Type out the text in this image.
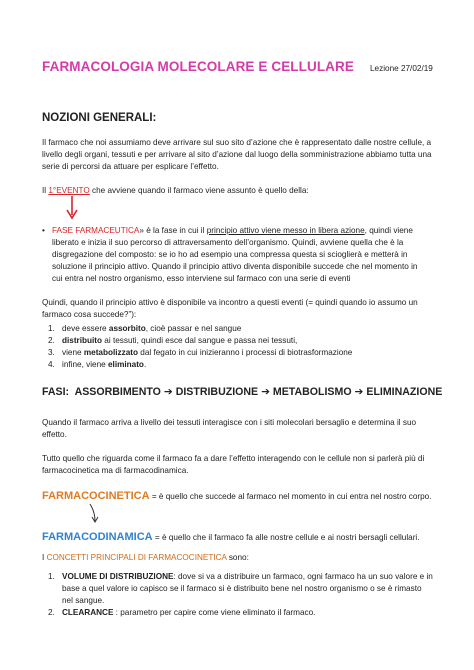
FARMACOLOGIA MOLECOLARE E CELLULARE Lezione 27/02/19
NOZIONI GENERALI:
Il farmaco che noi assumiamo deve arrivare sul suo sito d’azione che è rappresentato dalle nostre cellule, a
livello degli organi, tessuti e per arrivare al sito d’azione dal luogo della somministrazione abbiamo tutta una
serie di percorsi da attuare per esplicare l’effetto.
Il 1°EVENTO che avviene quando il farmaco viene assunto è quello della:
• FASE FARMACEUTICA» è la fase in cui il principio attivo viene messo in libera azione, quindi viene
liberato e inizia il suo percorso di attraversamento dell’organismo. Quindi, avviene quella che è la
disgregazione del composto: se io ho ad esempio una compressa questa si scioglierà e metterà in
soluzione il principio attivo. Quando il principio attivo diventa disponibile succede che nel momento in
cui entra nel nostro organismo, esso interviene sul farmaco con una serie di eventi
Quindi, quando il principio attivo è disponibile va incontro a questi eventi (= quindi quando io assumo un
farmaco cosa succede?”):
1. deve essere assorbito, cioè passar e nel sangue
2. distribuito ai tessuti, quindi esce dal sangue e passa nei tessuti,
3. viene metabolizzato dal fegato in cui inizieranno i processi di biotrasformazione
4. infine, viene eliminato.
FASI: ASSORBIMENTO ➔ DISTRIBUZIONE ➔ METABOLISMO ➔ ELIMINAZIONE
Quando il farmaco arriva a livello dei tessuti interagisce con i siti molecolari bersaglio e determina il suo
effetto.
Tutto quello che riguarda come il farmaco fa a dare l’effetto interagendo con le cellule non si parlerà più di
farmacocinetica ma di farmacodinamica.
FARMACOCINETICA = è quello che succede al farmaco nel momento in cui entra nel nostro corpo.
FARMACODINAMICA = è quello che il farmaco fa alle nostre cellule e ai nostri bersagli cellulari.
I CONCETTI PRINCIPALI DI FARMACOCINETICA sono:
1. VOLUME DI DISTRIBUZIONE: dove si va a distribuire un farmaco, ogni farmaco ha un suo valore e in
base a quel valore io capisco se il farmaco si è distribuito bene nel nostro organismo o se è rimasto
nel sangue.
2. CLEARANCE : parametro per capire come viene eliminato il farmaco.
